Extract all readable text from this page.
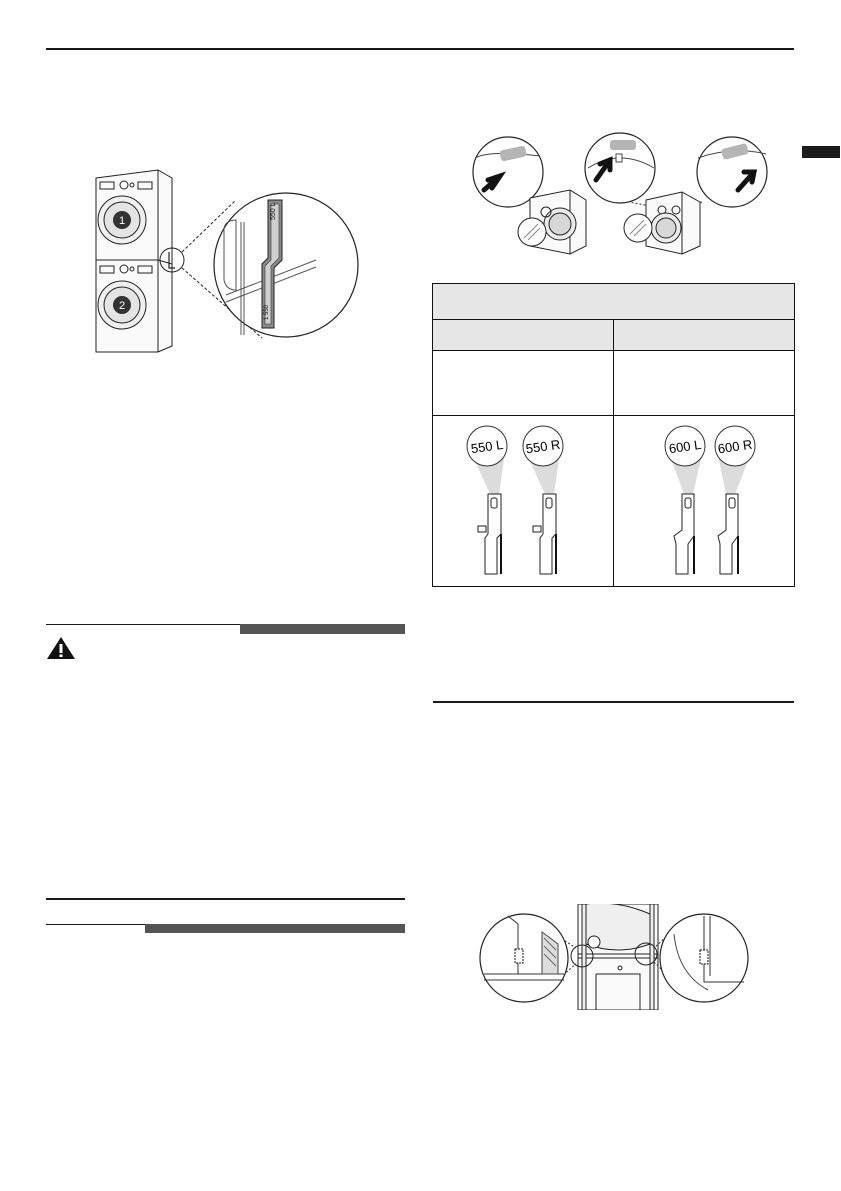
1
2
550 L
1 550

550 L 550 R	600 L 600 R
